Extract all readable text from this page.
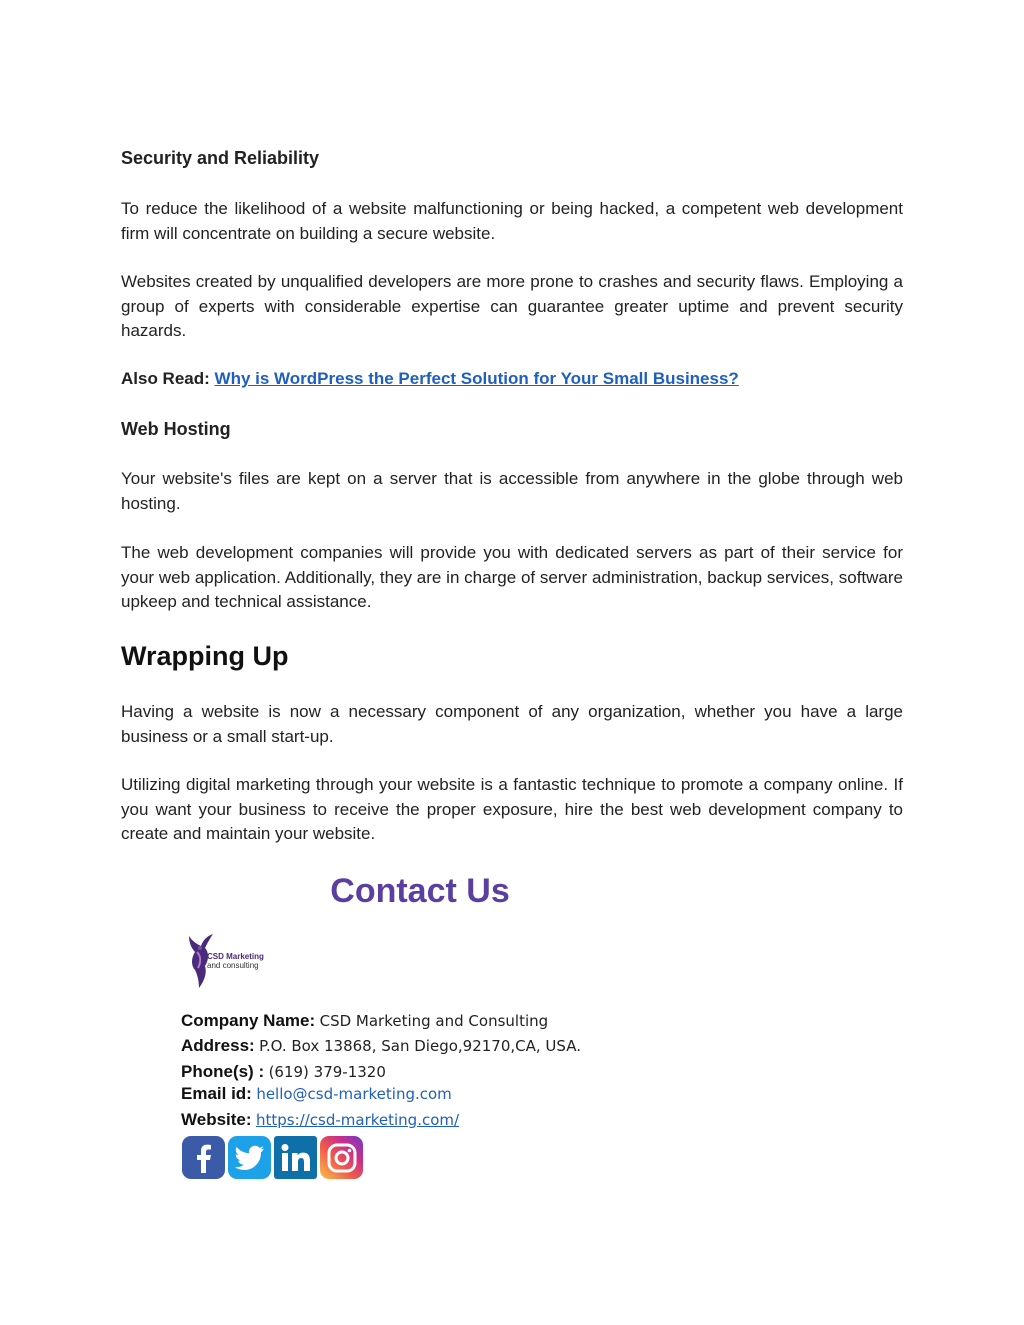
Security and Reliability

To reduce the likelihood of a website malfunctioning or being hacked, a competent web development firm will concentrate on building a secure website.

Websites created by unqualified developers are more prone to crashes and security flaws. Employing a group of experts with considerable expertise can guarantee greater uptime and prevent security hazards.

Also Read: Why is WordPress the Perfect Solution for Your Small Business?

Web Hosting

Your website's files are kept on a server that is accessible from anywhere in the globe through web hosting.

The web development companies will provide you with dedicated servers as part of their service for your web application. Additionally, they are in charge of server administration, backup services, software upkeep and technical assistance.

Wrapping Up

Having a website is now a necessary component of any organization, whether you have a large business or a small start-up.

Utilizing digital marketing through your website is a fantastic technique to promote a company online. If you want your business to receive the proper exposure, hire the best web development company to create and maintain your website.

Contact Us
CSD Marketing
and consulting

Company Name: CSD Marketing and Consulting

Address: P.O. Box 13868, San Diego,92170,CA, USA.

Phone(s) : (619) 379-1320

Email id: hello@csd-marketing.com

Website: https://csd-marketing.com/
